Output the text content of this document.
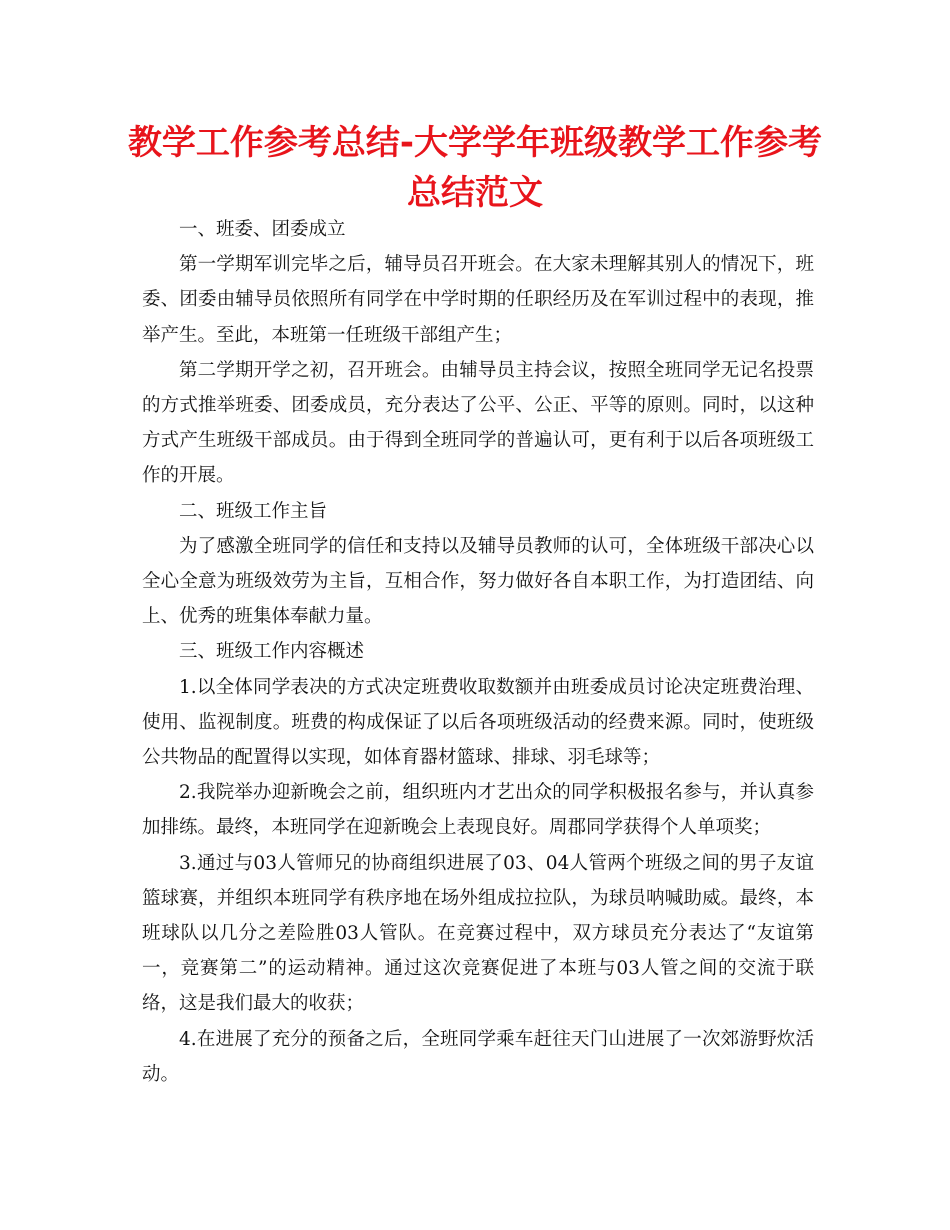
教学工作参考总结-大学学年班级教学工作参考总结范文

一、班委、团委成立

第一学期军训完毕之后，辅导员召开班会。在大家未理解其别人的情况下，班委、团委由辅导员依照所有同学在中学时期的任职经历及在军训过程中的表现，推举产生。至此，本班第一任班级干部组产生；

第二学期开学之初，召开班会。由辅导员主持会议，按照全班同学无记名投票的方式推举班委、团委成员，充分表达了公平、公正、平等的原则。同时，以这种方式产生班级干部成员。由于得到全班同学的普遍认可，更有利于以后各项班级工作的开展。

二、班级工作主旨

为了感激全班同学的信任和支持以及辅导员教师的认可，全体班级干部决心以全心全意为班级效劳为主旨，互相合作，努力做好各自本职工作，为打造团结、向上、优秀的班集体奉献力量。

三、班级工作内容概述

1.以全体同学表决的方式决定班费收取数额并由班委成员讨论决定班费治理、使用、监视制度。班费的构成保证了以后各项班级活动的经费来源。同时，使班级公共物品的配置得以实现，如体育器材篮球、排球、羽毛球等；

2.我院举办迎新晚会之前，组织班内才艺出众的同学积极报名参与，并认真参加排练。最终，本班同学在迎新晚会上表现良好。周郡同学获得个人单项奖；

3.通过与03人管师兄的协商组织进展了03、04人管两个班级之间的男子友谊篮球赛，并组织本班同学有秩序地在场外组成拉拉队，为球员呐喊助威。最终，本班球队以几分之差险胜03人管队。在竞赛过程中，双方球员充分表达了“友谊第一，竞赛第二”的运动精神。通过这次竞赛促进了本班与03人管之间的交流于联络，这是我们最大的收获；

4.在进展了充分的预备之后，全班同学乘车赶往天门山进展了一次郊游野炊活动。
